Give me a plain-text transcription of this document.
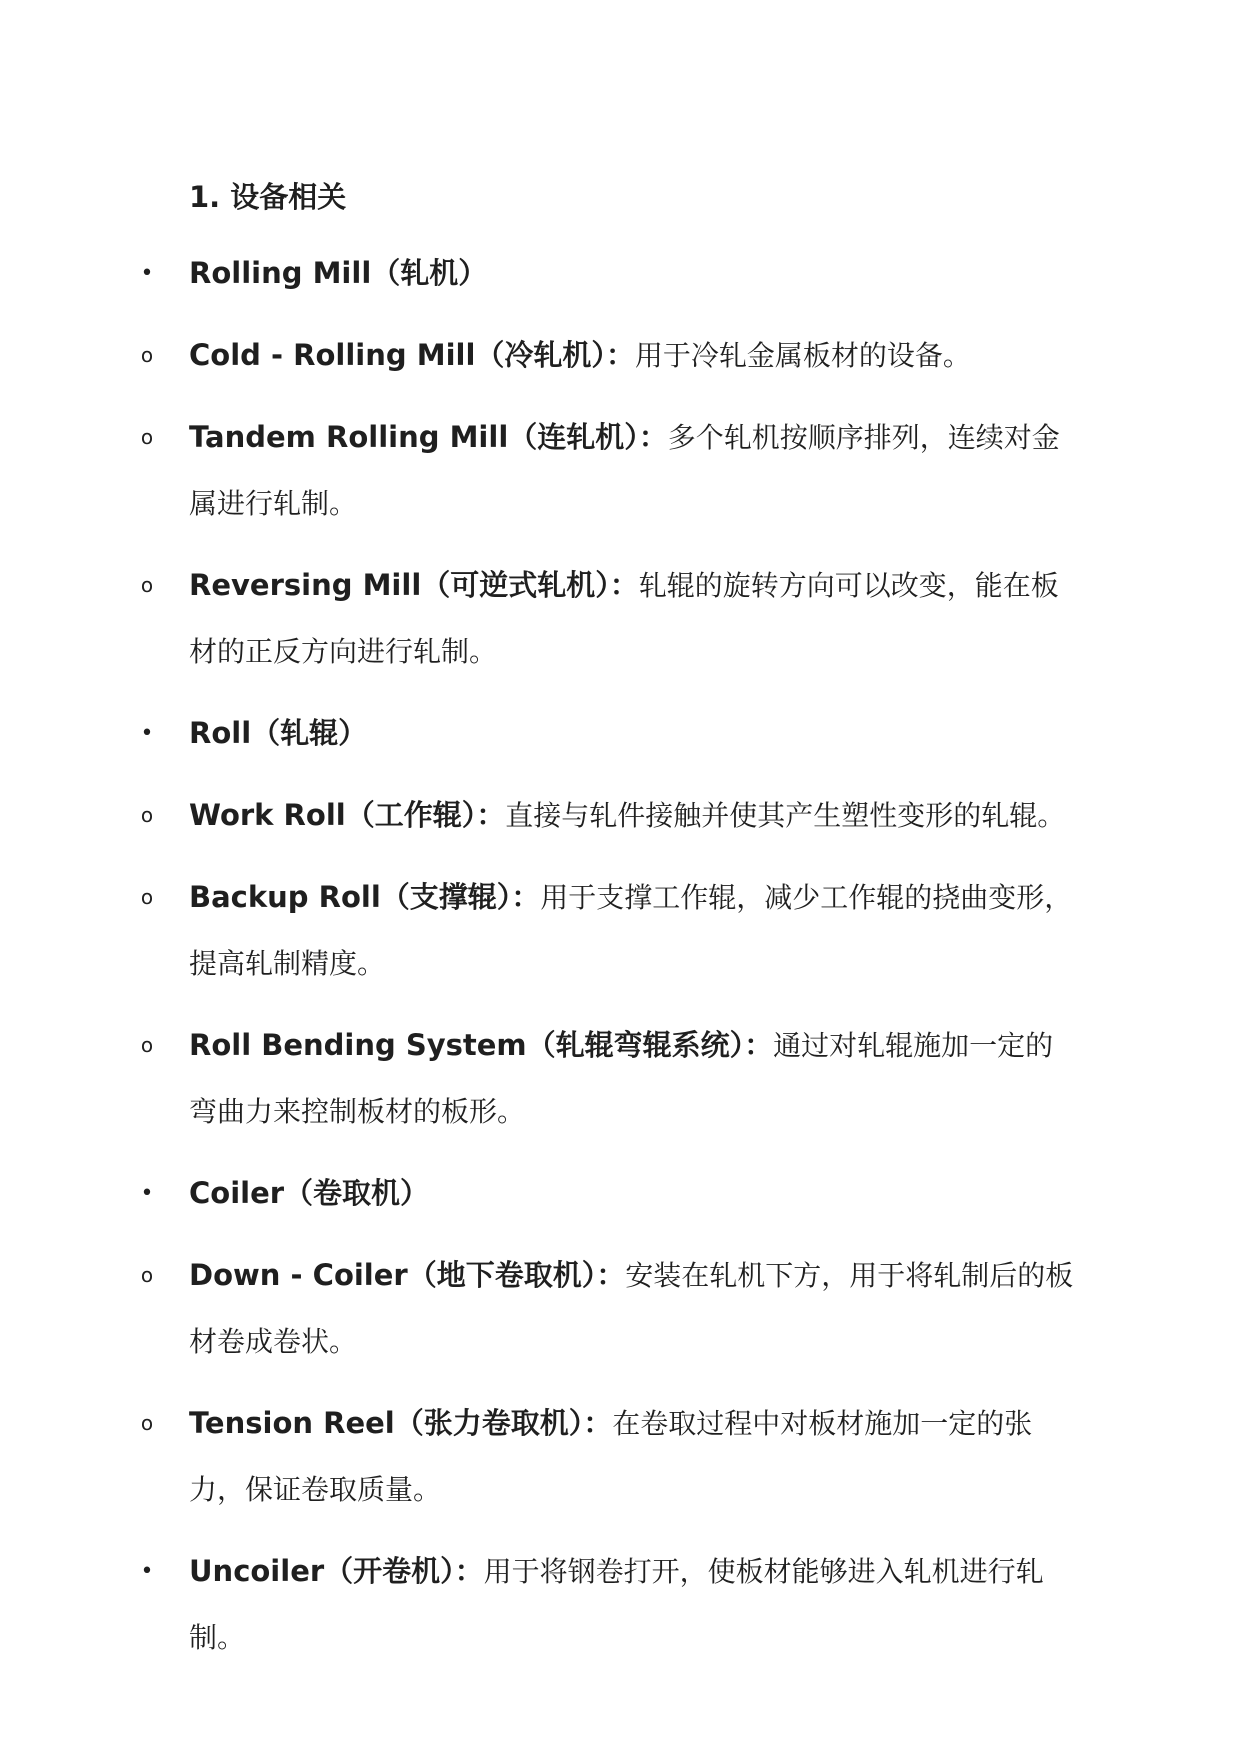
1. 设备相关
• Rolling Mill（轧机）
o Cold - Rolling Mill（冷轧机）：用于冷轧金属板材的设备。
o Tandem Rolling Mill（连轧机）：多个轧机按顺序排列，连续对金属进行轧制。
o Reversing Mill（可逆式轧机）：轧辊的旋转方向可以改变，能在板材的正反方向进行轧制。
• Roll（轧辊）
o Work Roll（工作辊）：直接与轧件接触并使其产生塑性变形的轧辊。
o Backup Roll（支撑辊）：用于支撑工作辊，减少工作辊的挠曲变形，提高轧制精度。
o Roll Bending System（轧辊弯辊系统）：通过对轧辊施加一定的弯曲力来控制板材的板形。
• Coiler（卷取机）
o Down - Coiler（地下卷取机）：安装在轧机下方，用于将轧制后的板材卷成卷状。
o Tension Reel（张力卷取机）：在卷取过程中对板材施加一定的张力，保证卷取质量。
• Uncoiler（开卷机）：用于将钢卷打开，使板材能够进入轧机进行轧制。
